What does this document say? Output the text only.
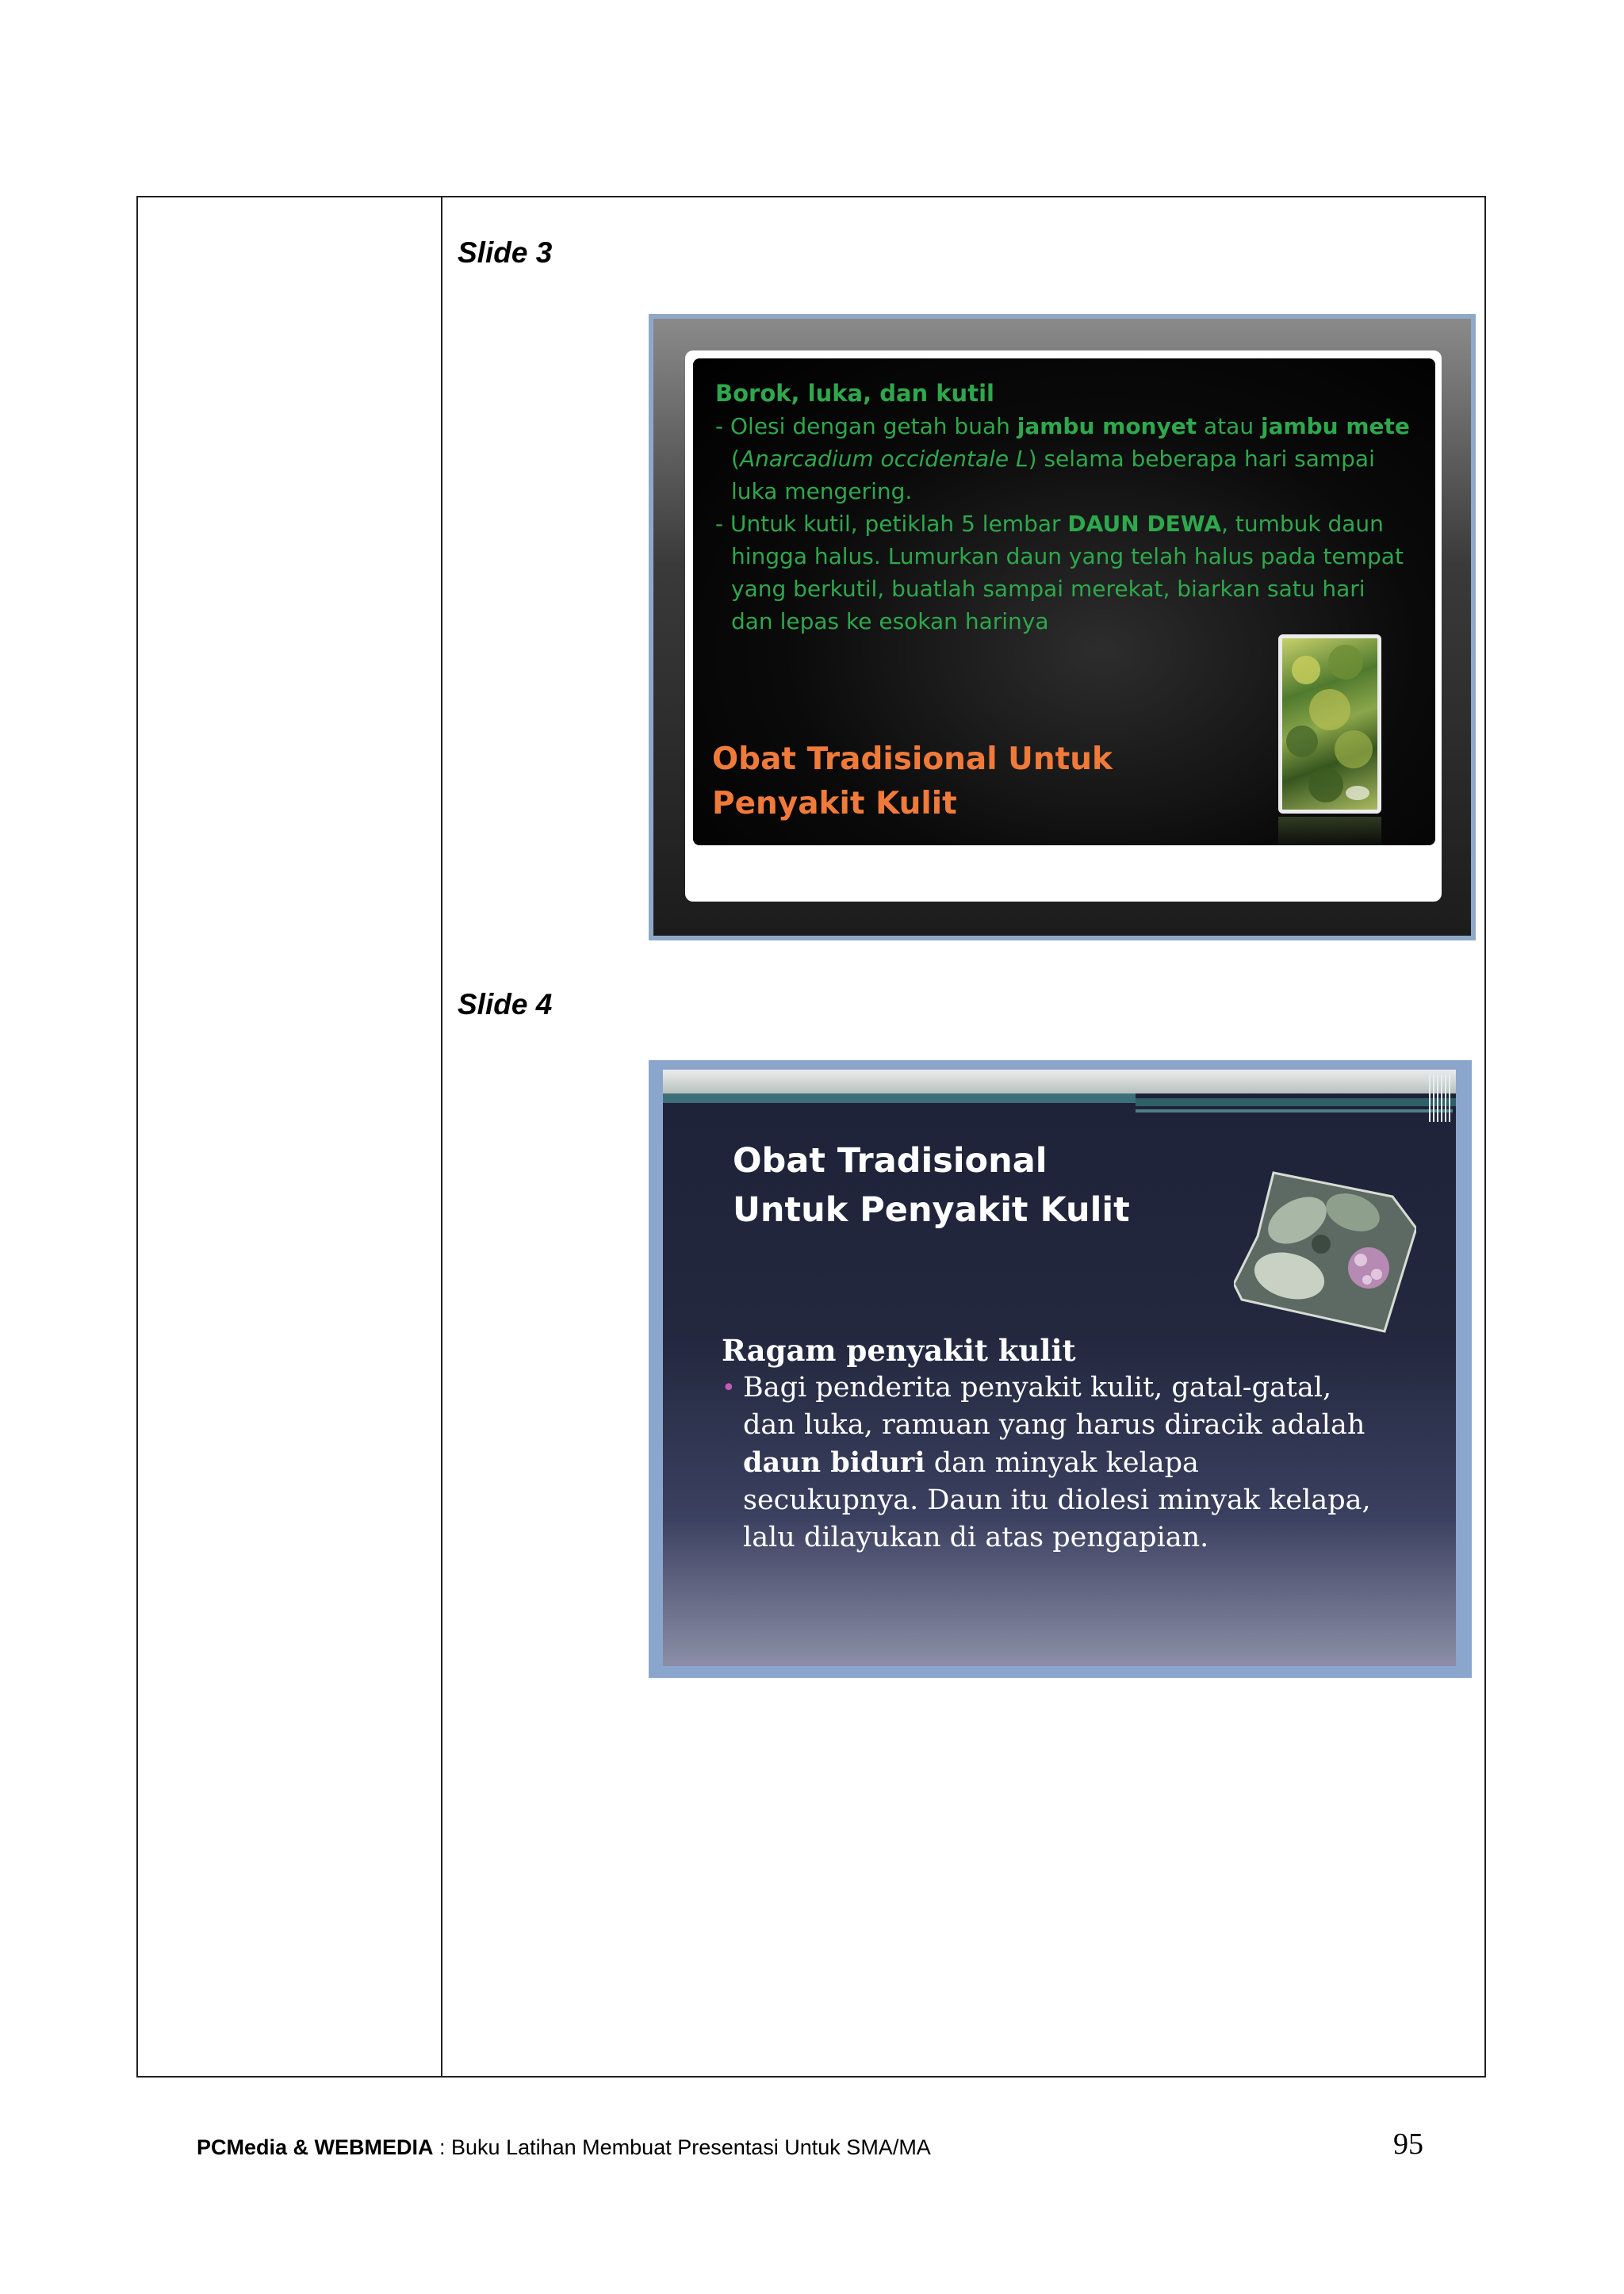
Slide 3
Borok, luka, dan kutil
- Olesi dengan getah buah jambu monyet atau jambu mete (Anarcadium occidentale L) selama beberapa hari sampai luka mengering.
- Untuk kutil, petiklah 5 lembar DAUN DEWA, tumbuk daun hingga halus. Lumurkan daun yang telah halus pada tempat yang berkutil, buatlah sampai merekat, biarkan satu hari dan lepas ke esokan harinya
Obat Tradisional Untuk
Penyakit Kulit
Slide 4
Obat Tradisional
Untuk Penyakit Kulit
Ragam penyakit kulit
• Bagi penderita penyakit kulit, gatal-gatal, dan luka, ramuan yang harus diracik adalah daun biduri dan minyak kelapa secukupnya. Daun itu diolesi minyak kelapa, lalu dilayukan di atas pengapian.
PCMedia & WEBMEDIA : Buku Latihan Membuat Presentasi Untuk SMA/MA	95
